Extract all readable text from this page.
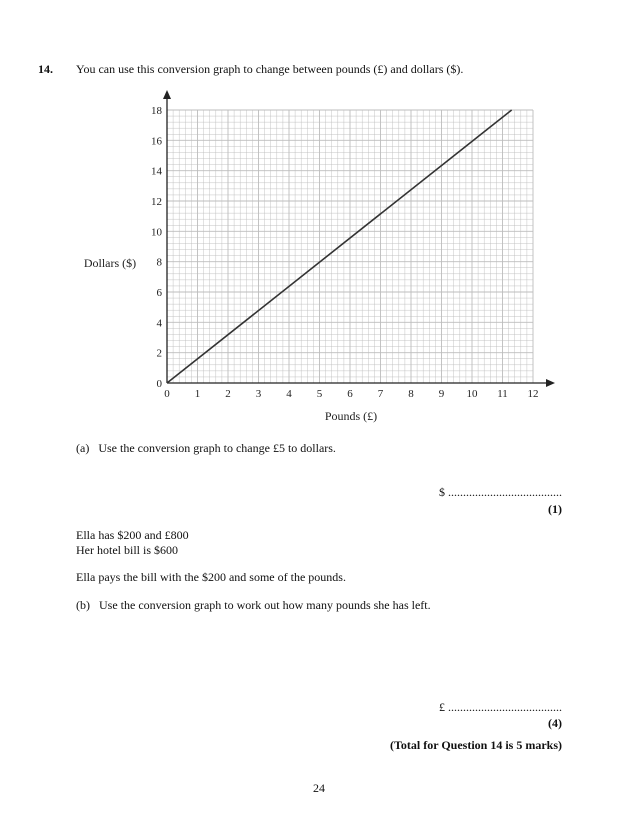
14. You can use this conversion graph to change between pounds (£) and dollars ($).
0 1 2 3 4 5 6 7 8 9 10 11 12
0
2
4
6
8
10
12
14
16
18
Pounds (£)
Dollars ($)
(a) Use the conversion graph to change £5 to dollars.
$ ......................................
(1)
Ella has $200 and £800
Her hotel bill is $600
Ella pays the bill with the $200 and some of the pounds.
(b) Use the conversion graph to work out how many pounds she has left.
£ ......................................
(4)
(Total for Question 14 is 5 marks)
24
